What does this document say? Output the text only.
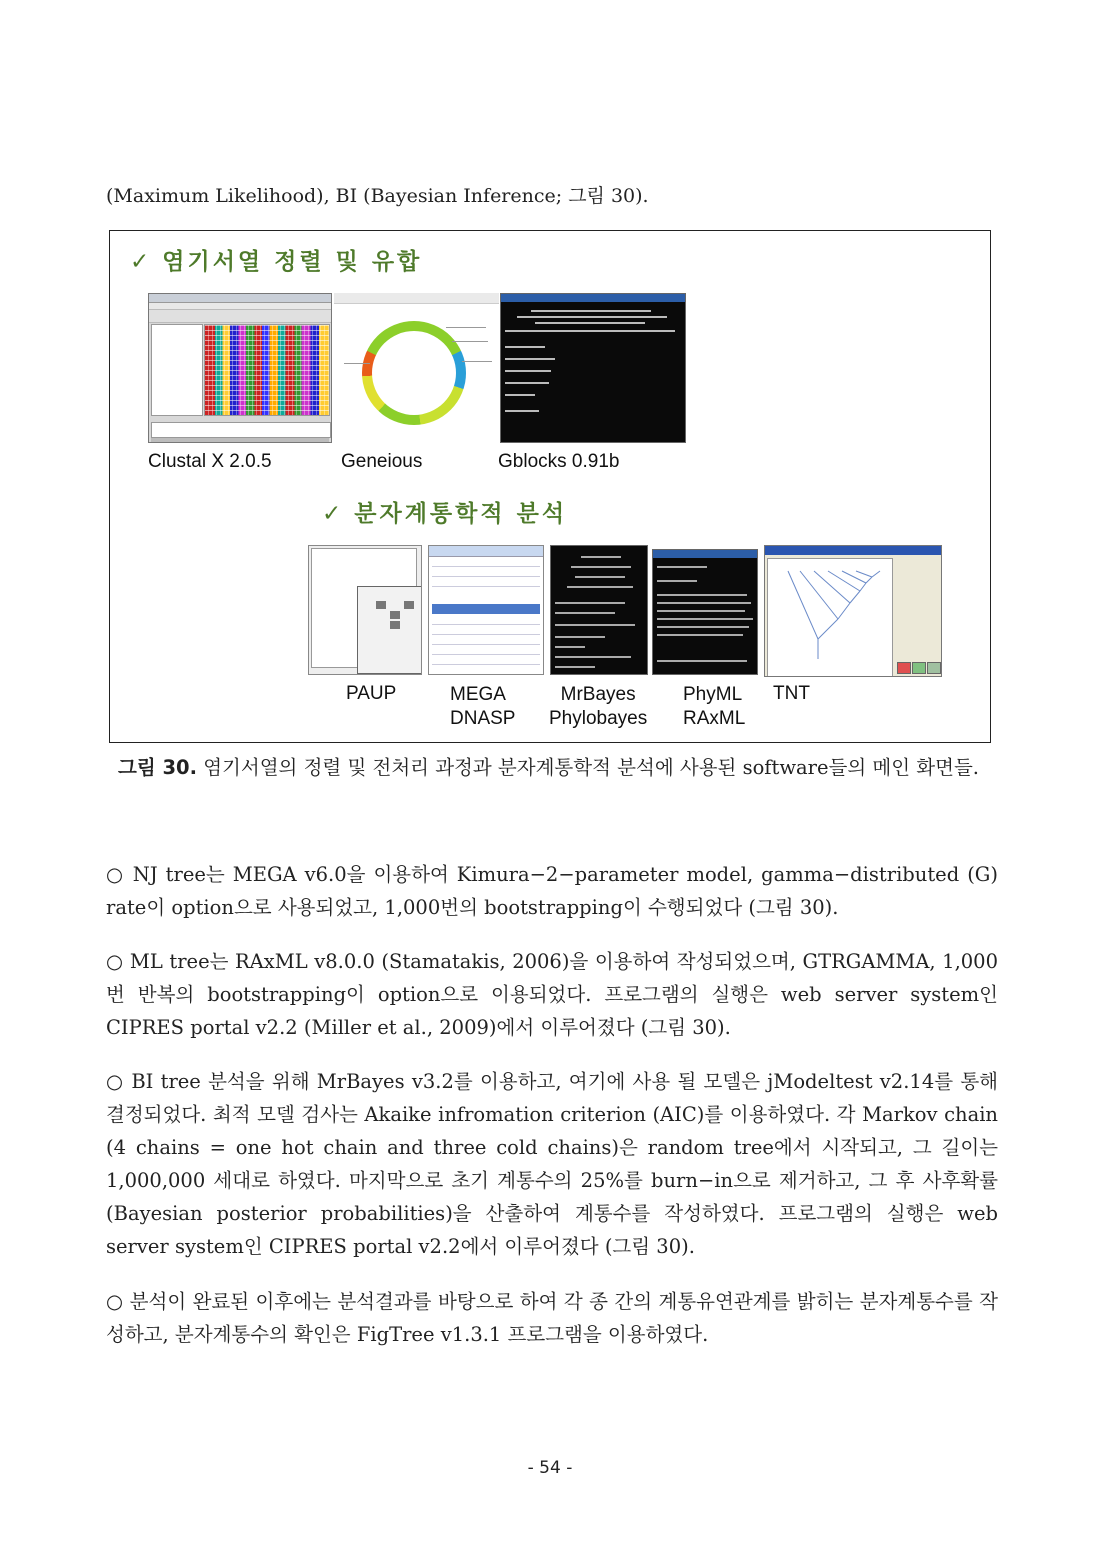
(Maximum Likelihood), BI (Bayesian Inference; 그림 30).
✓ 염기서열 정렬 및 유합
Clustal X 2.0.5	Geneious	Gblocks 0.91b
✓ 분자계통학적 분석
PAUP	MEGA
DNASP
MrBayes
Phylobayes
PhyML
RAxML
TNT
그림 30. 염기서열의 정렬 및 전처리 과정과 분자계통학적 분석에 사용된 software들의 메인 화면들.
○ NJ tree는 MEGA v6.0을 이용하여 Kimura−2−parameter model, gamma−distributed (G) rate이 option으로 사용되었고, 1,000번의 bootstrapping이 수행되었다 (그림 30).
○ ML tree는 RAxML v8.0.0 (Stamatakis, 2006)을 이용하여 작성되었으며, GTRGAMMA, 1,000번 반복의 bootstrapping이 option으로 이용되었다. 프로그램의 실행은 web server system인 CIPRES portal v2.2 (Miller et al., 2009)에서 이루어졌다 (그림 30).
○ BI tree 분석을 위해 MrBayes v3.2를 이용하고, 여기에 사용 될 모델은 jModeltest v2.14를 통해 결정되었다. 최적 모델 검사는 Akaike infromation criterion (AIC)를 이용하였다. 각 Markov chain (4 chains = one hot chain and three cold chains)은 random tree에서 시작되고, 그 길이는 1,000,000 세대로 하였다. 마지막으로 초기 계통수의 25%를 burn−in으로 제거하고, 그 후 사후확률 (Bayesian posterior probabilities)을 산출하여 계통수를 작성하였다. 프로그램의 실행은 web server system인 CIPRES portal v2.2에서 이루어졌다 (그림 30).
○ 분석이 완료된 이후에는 분석결과를 바탕으로 하여 각 종 간의 계통유연관계를 밝히는 분자계통수를 작성하고, 분자계통수의 확인은 FigTree v1.3.1 프로그램을 이용하였다.
- 54 -
